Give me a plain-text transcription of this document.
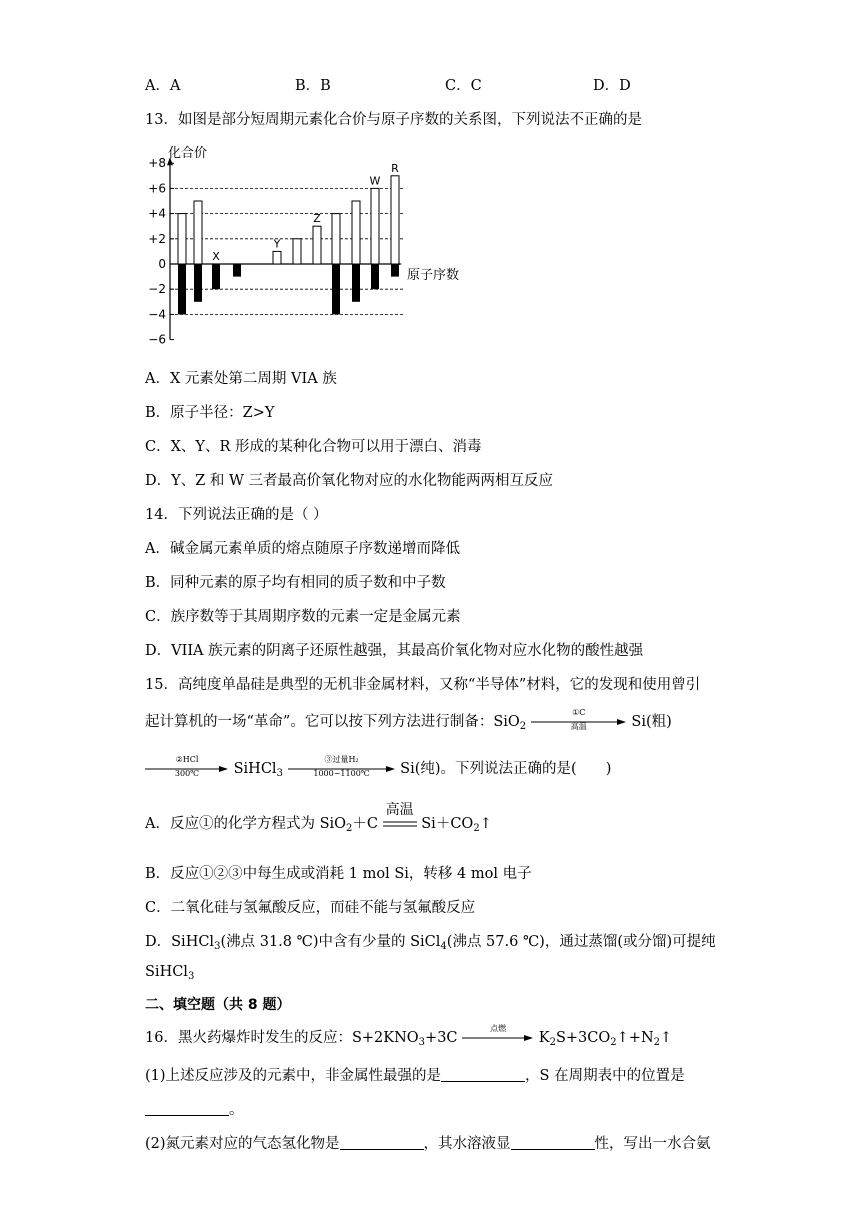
A．A	B．B	C．C	D．D
13．如图是部分短周期元素化合价与原子序数的关系图，下列说法不正确的是
+8
+6
+4
+2
0
−2
−4
−6
化合价
原子序数
X
Y
Z
W
R
A．X 元素处第二周期 VIA 族
B．原子半径：Z>Y
C．X、Y、R 形成的某种化合物可以用于漂白、消毒
D．Y、Z 和 W 三者最高价氧化物对应的水化物能两两相互反应
14．下列说法正确的是（ ）
A．碱金属元素单质的熔点随原子序数递增而降低
B．同种元素的原子均有相同的质子数和中子数
C．族序数等于其周期序数的元素一定是金属元素
D．VIIA 族元素的阴离子还原性越强，其最高价氧化物对应水化物的酸性越强
15．高纯度单晶硅是典型的无机非金属材料，又称“半导体”材料，它的发现和使用曾引
起计算机的一场“革命”。它可以按下列方法进行制备：SiO$_2$
①C
高温	Si(粗)
②HCl
300℃	SiHCl$_3$
③过量H₂
1000~1100℃	Si(纯)。下列说法正确的是(　　)
A．反应①的化学方程式为 SiO$_2$＋C
高温
$Si+CO_2↑$
B．反应①②③中每生成或消耗 1 mol Si，转移 4 mol 电子
C．二氧化硅与氢氟酸反应，而硅不能与氢氟酸反应
D．SiHCl$_3$(沸点 31.8 ℃)中含有少量的 SiCl$_4$(沸点 57.6 ℃)，通过蒸馏(或分馏)可提纯
SiHCl$_3$
二、填空题（共 8 题）
16．黑火药爆炸时发生的反应：$S+2KNO_3+3C$
点燃
$K_2S+3CO_2↑+N_2↑$
(1)上述反应涉及的元素中，非金属性最强的是	，S 在周期表中的位置是
。
(2)氮元素对应的气态氢化物是	，其水溶液显	性，写出一水合氨
